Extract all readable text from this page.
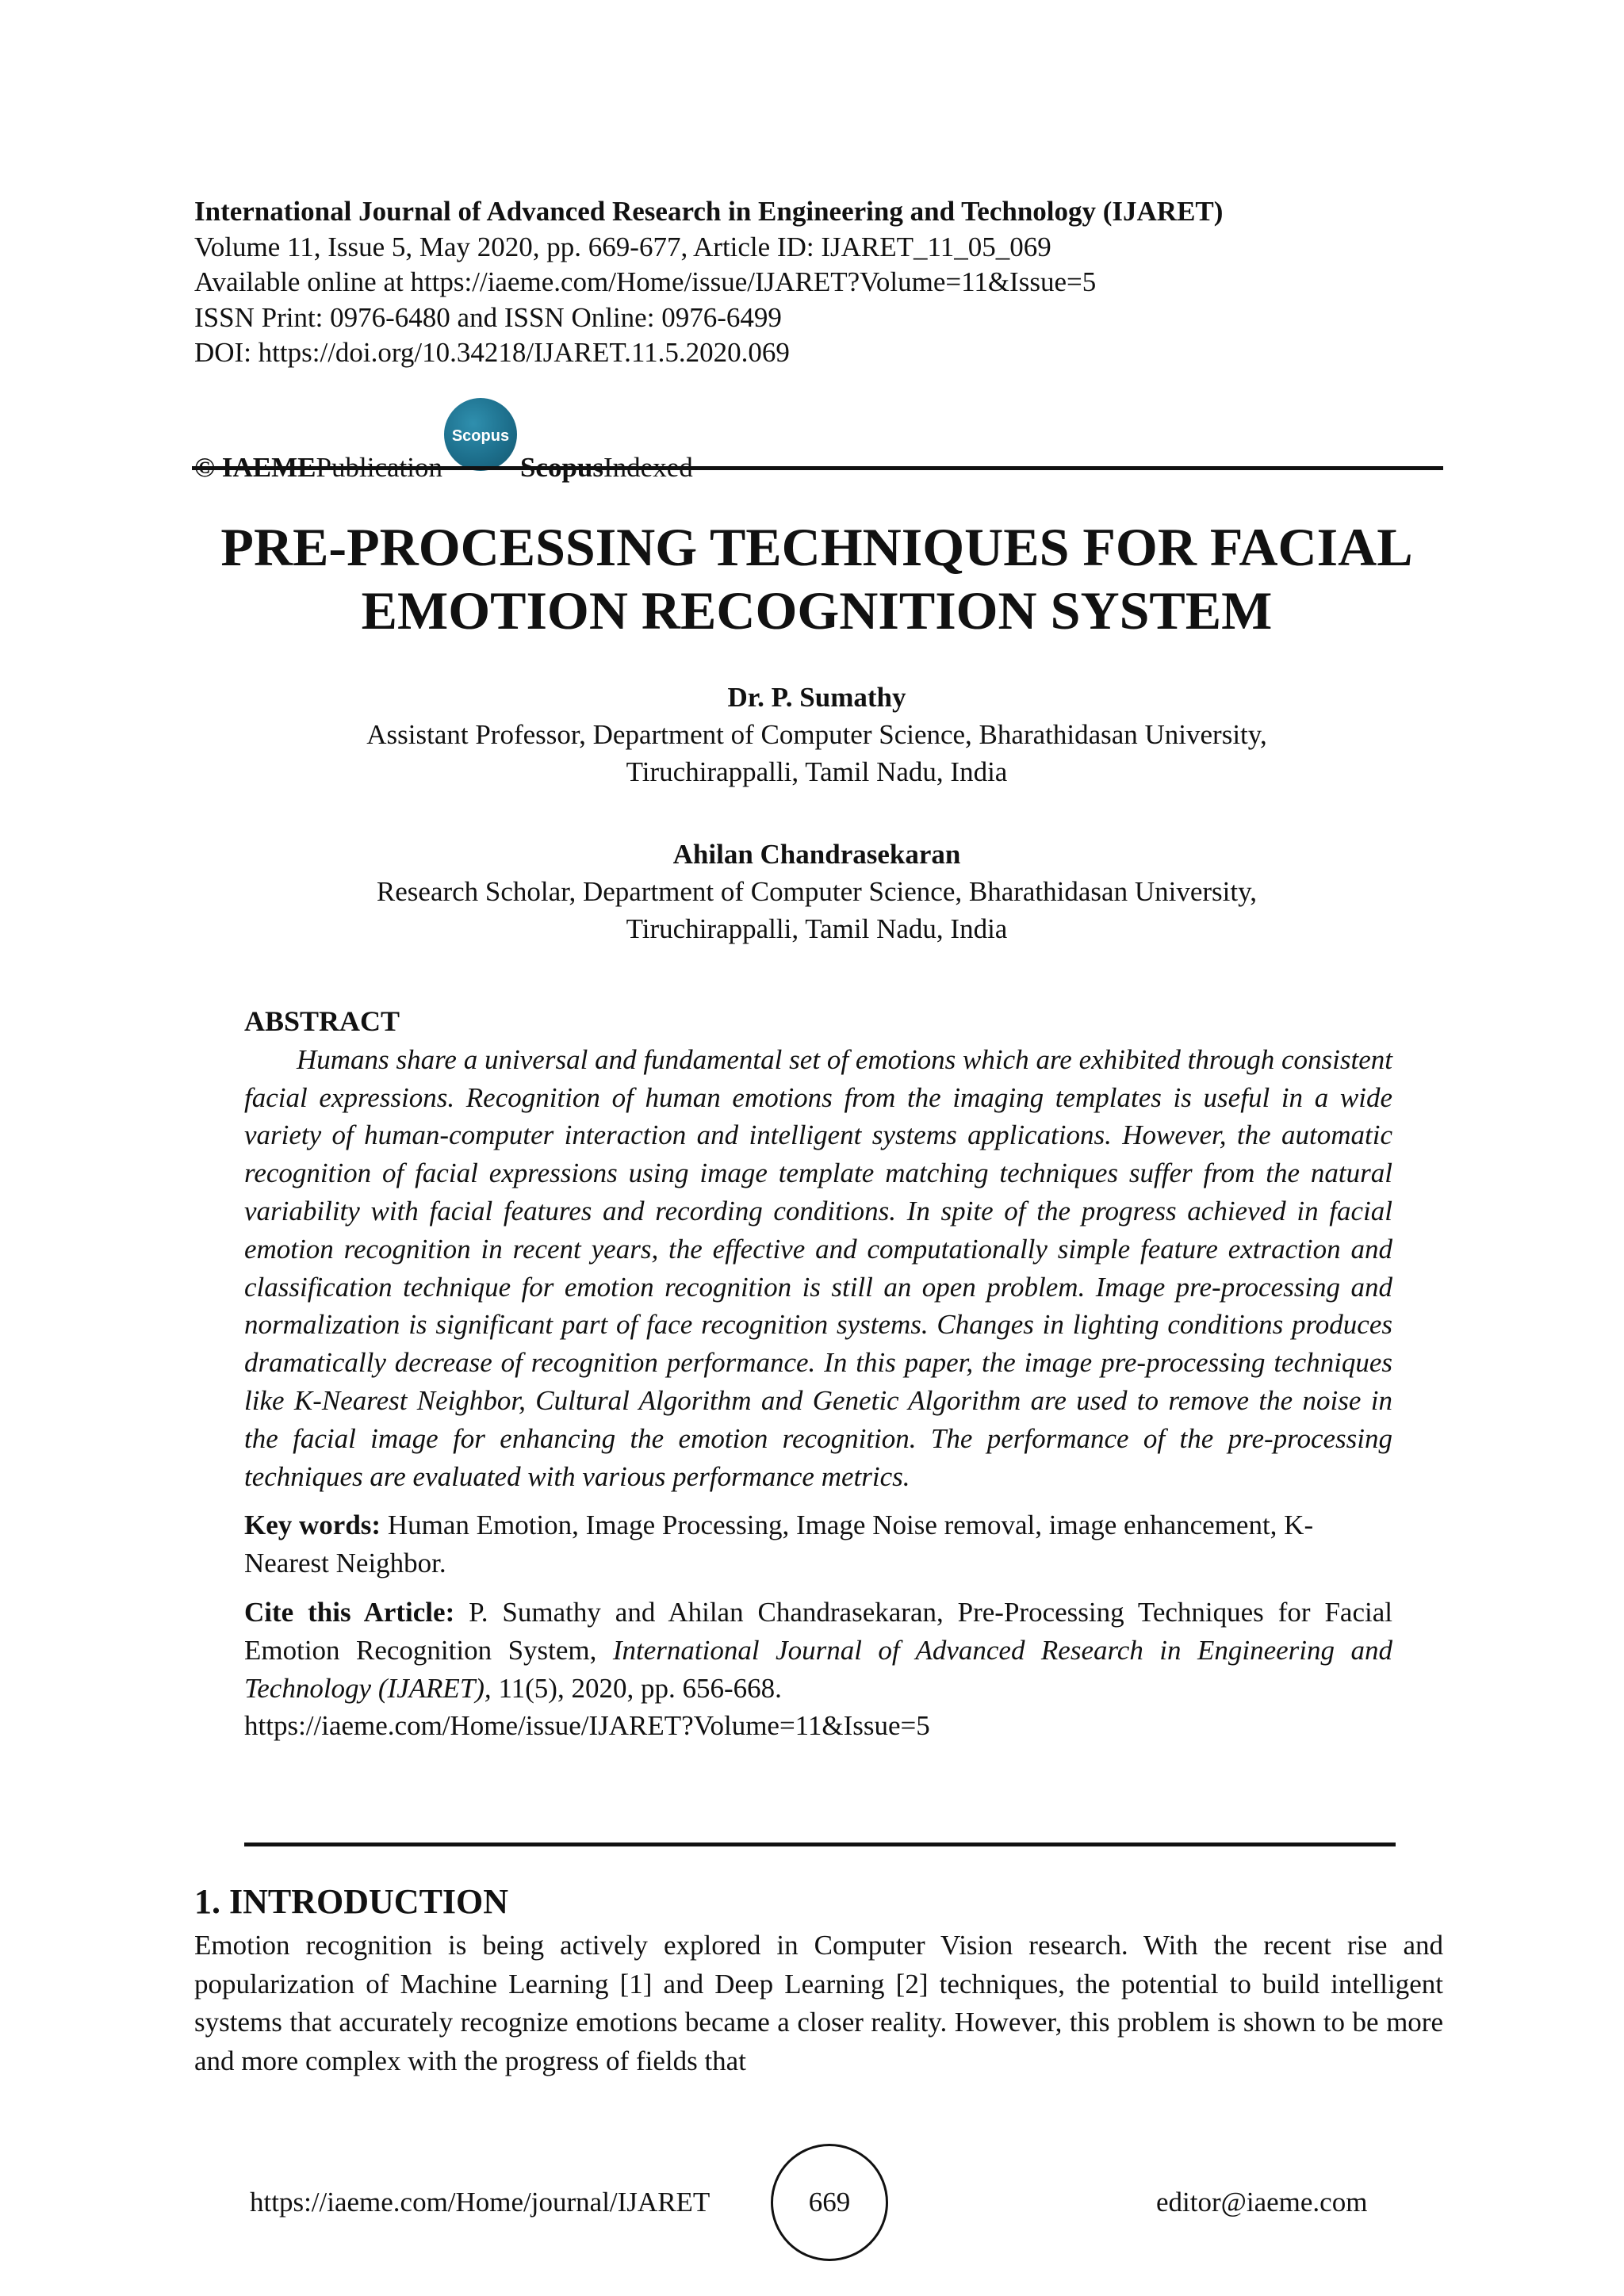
International Journal of Advanced Research in Engineering and Technology (IJARET)
Volume 11, Issue 5, May 2020, pp. 669-677, Article ID: IJARET_11_05_069
Available online at https://iaeme.com/Home/issue/IJARET?Volume=11&Issue=5
ISSN Print: 0976-6480 and ISSN Online: 0976-6499
DOI: https://doi.org/10.34218/IJARET.11.5.2020.069
© IAEME Publication
Scopus
Scopus Indexed
PRE-PROCESSING TECHNIQUES FOR FACIAL
EMOTION RECOGNITION SYSTEM
Dr. P. Sumathy
Assistant Professor, Department of Computer Science, Bharathidasan University,
Tiruchirappalli, Tamil Nadu, India
Ahilan Chandrasekaran
Research Scholar, Department of Computer Science, Bharathidasan University,
Tiruchirappalli, Tamil Nadu, India
ABSTRACT

Humans share a universal and fundamental set of emotions which are exhibited through consistent facial expressions. Recognition of human emotions from the imaging templates is useful in a wide variety of human-computer interaction and intelligent systems applications. However, the automatic recognition of facial expressions using image template matching techniques suffer from the natural variability with facial features and recording conditions. In spite of the progress achieved in facial emotion recognition in recent years, the effective and computationally simple feature extraction and classification technique for emotion recognition is still an open problem. Image pre-processing and normalization is significant part of face recognition systems. Changes in lighting conditions produces dramatically decrease of recognition performance. In this paper, the image pre-processing techniques like K-Nearest Neighbor, Cultural Algorithm and Genetic Algorithm are used to remove the noise in the facial image for enhancing the emotion recognition. The performance of the pre-processing techniques are evaluated with various performance metrics.

Key words: Human Emotion, Image Processing, Image Noise removal, image enhancement, K-Nearest Neighbor.
Cite this Article: P. Sumathy and Ahilan Chandrasekaran, Pre-Processing Techniques for Facial Emotion Recognition System, International Journal of Advanced Research in Engineering and Technology (IJARET), 11(5), 2020, pp. 656-668.
https://iaeme.com/Home/issue/IJARET?Volume=11&Issue=5
1. INTRODUCTION

Emotion recognition is being actively explored in Computer Vision research. With the recent rise and popularization of Machine Learning [1] and Deep Learning [2] techniques, the potential to build intelligent systems that accurately recognize emotions became a closer reality. However, this problem is shown to be more and more complex with the progress of fields that

https://iaeme.com/Home/journal/IJARET	669	editor@iaeme.com
